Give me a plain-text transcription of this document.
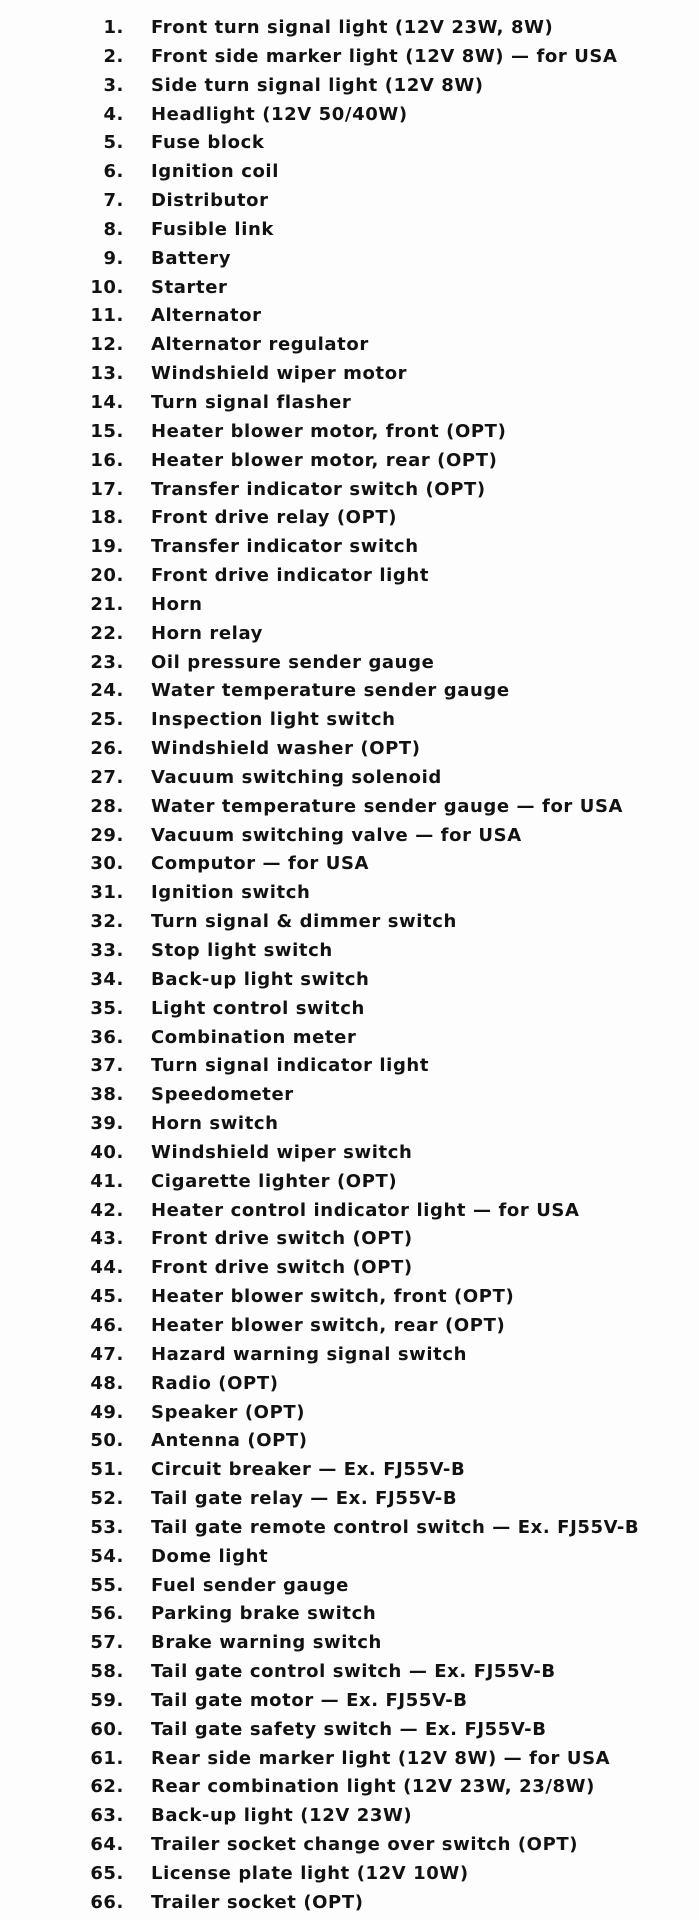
1. Front turn signal light (12V 23W, 8W)
2. Front side marker light (12V 8W) — for USA
3. Side turn signal light (12V 8W)
4. Headlight (12V 50/40W)
5. Fuse block
6. Ignition coil
7. Distributor
8. Fusible link
9. Battery
10. Starter
11. Alternator
12. Alternator regulator
13. Windshield wiper motor
14. Turn signal flasher
15. Heater blower motor, front (OPT)
16. Heater blower motor, rear (OPT)
17. Transfer indicator switch (OPT)
18. Front drive relay (OPT)
19. Transfer indicator switch
20. Front drive indicator light
21. Horn
22. Horn relay
23. Oil pressure sender gauge
24. Water temperature sender gauge
25. Inspection light switch
26. Windshield washer (OPT)
27. Vacuum switching solenoid
28. Water temperature sender gauge — for USA
29. Vacuum switching valve — for USA
30. Computor — for USA
31. Ignition switch
32. Turn signal & dimmer switch
33. Stop light switch
34. Back-up light switch
35. Light control switch
36. Combination meter
37. Turn signal indicator light
38. Speedometer
39. Horn switch
40. Windshield wiper switch
41. Cigarette lighter (OPT)
42. Heater control indicator light — for USA
43. Front drive switch (OPT)
44. Front drive switch (OPT)
45. Heater blower switch, front (OPT)
46. Heater blower switch, rear (OPT)
47. Hazard warning signal switch
48. Radio (OPT)
49. Speaker (OPT)
50. Antenna (OPT)
51. Circuit breaker — Ex. FJ55V-B
52. Tail gate relay — Ex. FJ55V-B
53. Tail gate remote control switch — Ex. FJ55V-B
54. Dome light
55. Fuel sender gauge
56. Parking brake switch
57. Brake warning switch
58. Tail gate control switch — Ex. FJ55V-B
59. Tail gate motor — Ex. FJ55V-B
60. Tail gate safety switch — Ex. FJ55V-B
61. Rear side marker light (12V 8W) — for USA
62. Rear combination light (12V 23W, 23/8W)
63. Back-up light (12V 23W)
64. Trailer socket change over switch (OPT)
65. License plate light (12V 10W)
66. Trailer socket (OPT)
